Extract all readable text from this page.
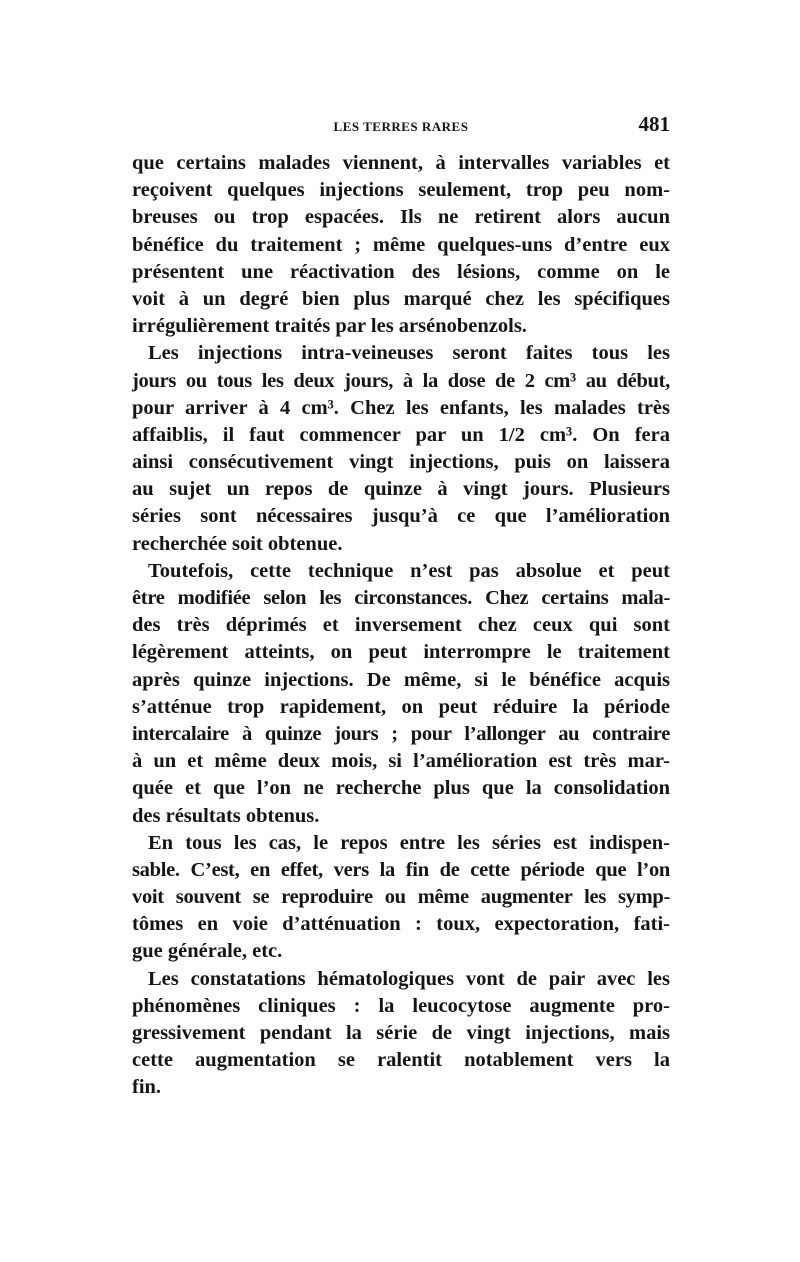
LES TERRES RARES	481
que certains malades viennent, à intervalles variables et
reçoivent quelques injections seulement, trop peu nom-
breuses ou trop espacées. Ils ne retirent alors aucun
bénéfice du traitement ; même quelques-uns d’entre eux
présentent une réactivation des lésions, comme on le
voit à un degré bien plus marqué chez les spécifiques
irrégulièrement traités par les arsénobenzols.
Les injections intra-veineuses seront faites tous les
jours ou tous les deux jours, à la dose de 2 cm³ au début,
pour arriver à 4 cm³. Chez les enfants, les malades très
affaiblis, il faut commencer par un 1/2 cm³. On fera
ainsi consécutivement vingt injections, puis on laissera
au sujet un repos de quinze à vingt jours. Plusieurs
séries sont nécessaires jusqu’à ce que l’amélioration
recherchée soit obtenue.
Toutefois, cette technique n’est pas absolue et peut
être modifiée selon les circonstances. Chez certains mala-
des très déprimés et inversement chez ceux qui sont
légèrement atteints, on peut interrompre le traitement
après quinze injections. De même, si le bénéfice acquis
s’atténue trop rapidement, on peut réduire la période
intercalaire à quinze jours ; pour l’allonger au contraire
à un et même deux mois, si l’amélioration est très mar-
quée et que l’on ne recherche plus que la consolidation
des résultats obtenus.
En tous les cas, le repos entre les séries est indispen-
sable. C’est, en effet, vers la fin de cette période que l’on
voit souvent se reproduire ou même augmenter les symp-
tômes en voie d’atténuation : toux, expectoration, fati-
gue générale, etc.
Les constatations hématologiques vont de pair avec les
phénomènes cliniques : la leucocytose augmente pro-
gressivement pendant la série de vingt injections, mais
cette augmentation se ralentit notablement vers la
fin.
